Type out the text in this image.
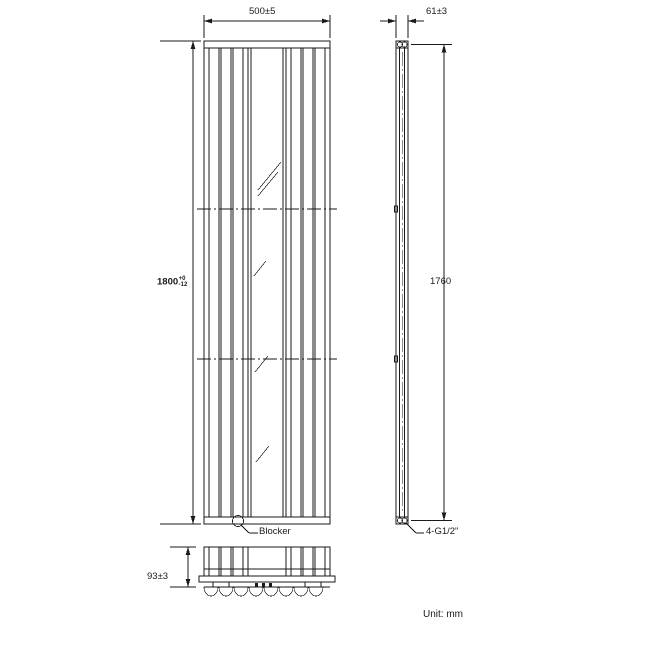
500±5
1800 +0
-12
61±3
1760
Blocker	4-G1/2"
93±3
Unit: mm
